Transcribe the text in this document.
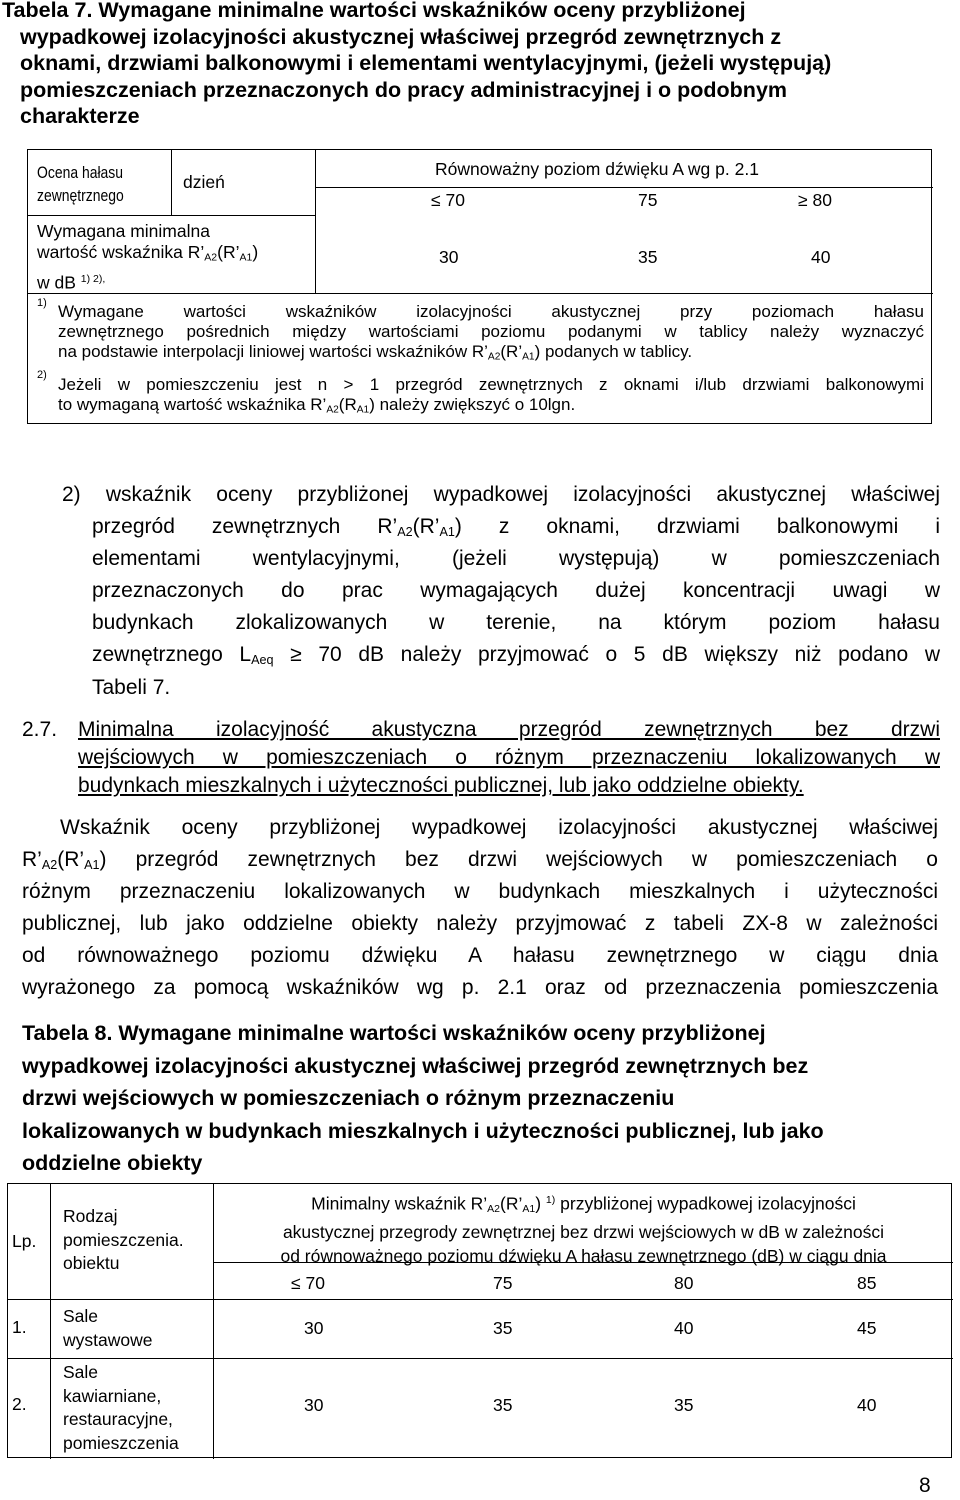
Tabela 7. Wymagane minimalne wartości wskaźników oceny przybliżonej
wypadkowej izolacyjności akustycznej właściwej przegród zewnętrznych z
oknami, drzwiami balkonowymi i elementami wentylacyjnymi, (jeżeli występują)
pomieszczeniach przeznaczonych do pracy administracyjnej i o podobnym
charakterze
Ocena hałasu
zewnętrznego
dzień
Równoważny poziom dźwięku A wg p. 2.1
≤ 70	75	≥ 80
Wymagana minimalna
wartość wskaźnika $R’_{A2}(R’_{A1})$
w dB $^{1) 2),}$
30	35	40
1) Wymagane wartości wskaźników izolacyjności akustycznej przy poziomach hałasu
zewnętrznego pośrednich między wartościami poziomu podanymi w tablicy należy wyznaczyć
na podstawie interpolacji liniowej wartości wskaźników $R’_{A2}(R’_{A1})$ podanych w tablicy.
2) Jeżeli w pomieszczeniu jest n > 1 przegród zewnętrznych z oknami i/lub drzwiami balkonowymi
to wymaganą wartość wskaźnika $R’_{A2}(R_{A1})$ należy zwiększyć o 10lgn.
2) wskaźnik oceny przybliżonej wypadkowej izolacyjności akustycznej właściwej
przegród zewnętrznych $R’_{A2}(R’_{A1})$ z oknami, drzwiami balkonowymi i
elementami wentylacyjnymi, (jeżeli występują) w pomieszczeniach
przeznaczonych do prac wymagających dużej koncentracji uwagi w
budynkach zlokalizowanych w terenie, na którym poziom hałasu
zewnętrznego $L_{Aeq} \ge 70$ dB należy przyjmować o 5 dB większy niż podano w
Tabeli 7.
2.7. Minimalna izolacyjność akustyczna przegród zewnętrznych bez drzwi
wejściowych w pomieszczeniach o różnym przeznaczeniu lokalizowanych w
budynkach mieszkalnych i użyteczności publicznej, lub jako oddzielne obiekty.
Wskaźnik oceny przybliżonej wypadkowej izolacyjności akustycznej właściwej
$R’_{A2}(R’_{A1})$ przegród zewnętrznych bez drzwi wejściowych w pomieszczeniach o
różnym przeznaczeniu lokalizowanych w budynkach mieszkalnych i użyteczności
publicznej, lub jako oddzielne obiekty należy przyjmować z tabeli ZX-8 w zależności
od równoważnego poziomu dźwięku A hałasu zewnętrznego w ciągu dnia
wyrażonego za pomocą wskaźników wg p. 2.1 oraz od przeznaczenia pomieszczenia
Tabela 8. Wymagane minimalne wartości wskaźników oceny przybliżonej
wypadkowej izolacyjności akustycznej właściwej przegród zewnętrznych bez
drzwi wejściowych w pomieszczeniach o różnym przeznaczeniu
lokalizowanych w budynkach mieszkalnych i użyteczności publicznej, lub jako
oddzielne obiekty
Lp.
Rodzaj
pomieszczenia.
obiektu
Minimalny wskaźnik $R’_{A2}(R’_{A1})$ $^{1)}$ przybliżonej wypadkowej izolacyjności
akustycznej przegrody zewnętrznej bez drzwi wejściowych w dB w zależności
od równoważnego poziomu dźwięku A hałasu zewnętrznego (dB) w ciągu dnia
≤ 70	75	80	85
1.
Sale
wystawowe
30	35	40	45
2.
Sale
kawiarniane,
restauracyjne,
pomieszczenia
30	35	35	40
8
